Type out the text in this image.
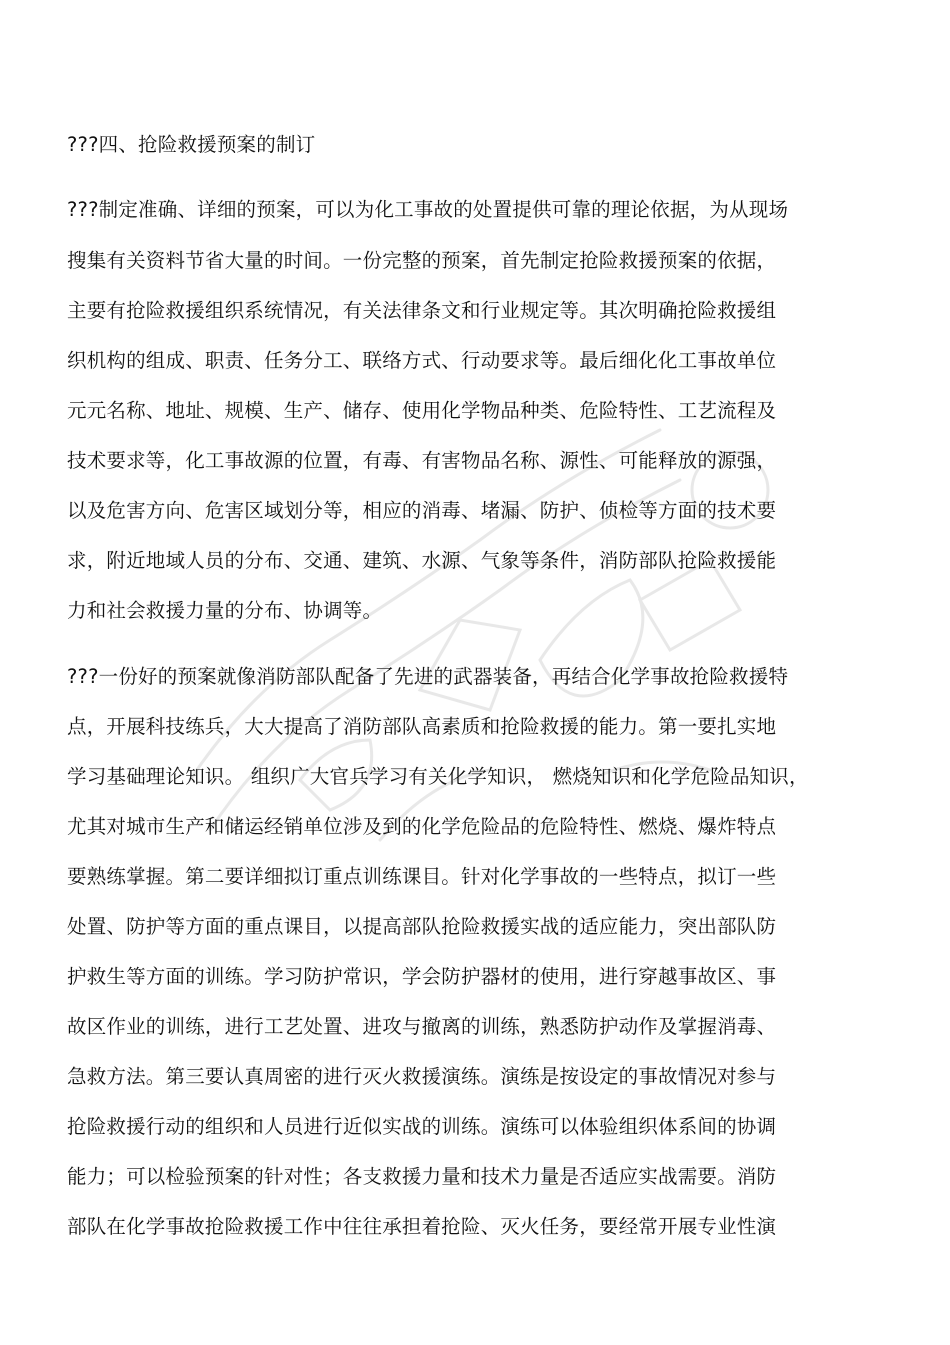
???四、抢险救援预案的制订
???制定准确、详细的预案，可以为化工事故的处置提供可靠的理论依据，为从现场
搜集有关资料节省大量的时间。一份完整的预案，首先制定抢险救援预案的依据，
主要有抢险救援组织系统情况，有关法律条文和行业规定等。其次明确抢险救援组
织机构的组成、职责、任务分工、联络方式、行动要求等。最后细化化工事故单位
元元名称、地址、规模、生产、储存、使用化学物品种类、危险特性、工艺流程及
技术要求等，化工事故源的位置，有毒、有害物品名称、源性、可能释放的源强，
以及危害方向、危害区域划分等，相应的消毒、堵漏、防护、侦检等方面的技术要
求，附近地域人员的分布、交通、建筑、水源、气象等条件，消防部队抢险救援能
力和社会救援力量的分布、协调等。
???一份好的预案就像消防部队配备了先进的武器装备，再结合化学事故抢险救援特
点，开展科技练兵，大大提高了消防部队高素质和抢险救援的能力。第一要扎实地
学习基础理论知识。 组织广大官兵学习有关化学知识， 燃烧知识和化学危险品知识，
尤其对城市生产和储运经销单位涉及到的化学危险品的危险特性、燃烧、爆炸特点
要熟练掌握。第二要详细拟订重点训练课目。针对化学事故的一些特点，拟订一些
处置、防护等方面的重点课目，以提高部队抢险救援实战的适应能力，突出部队防
护救生等方面的训练。学习防护常识，学会防护器材的使用，进行穿越事故区、事
故区作业的训练，进行工艺处置、进攻与撤离的训练，熟悉防护动作及掌握消毒、
急救方法。第三要认真周密的进行灭火救援演练。演练是按设定的事故情况对参与
抢险救援行动的组织和人员进行近似实战的训练。演练可以体验组织体系间的协调
能力；可以检验预案的针对性；各支救援力量和技术力量是否适应实战需要。消防
部队在化学事故抢险救援工作中往往承担着抢险、灭火任务，要经常开展专业性演
